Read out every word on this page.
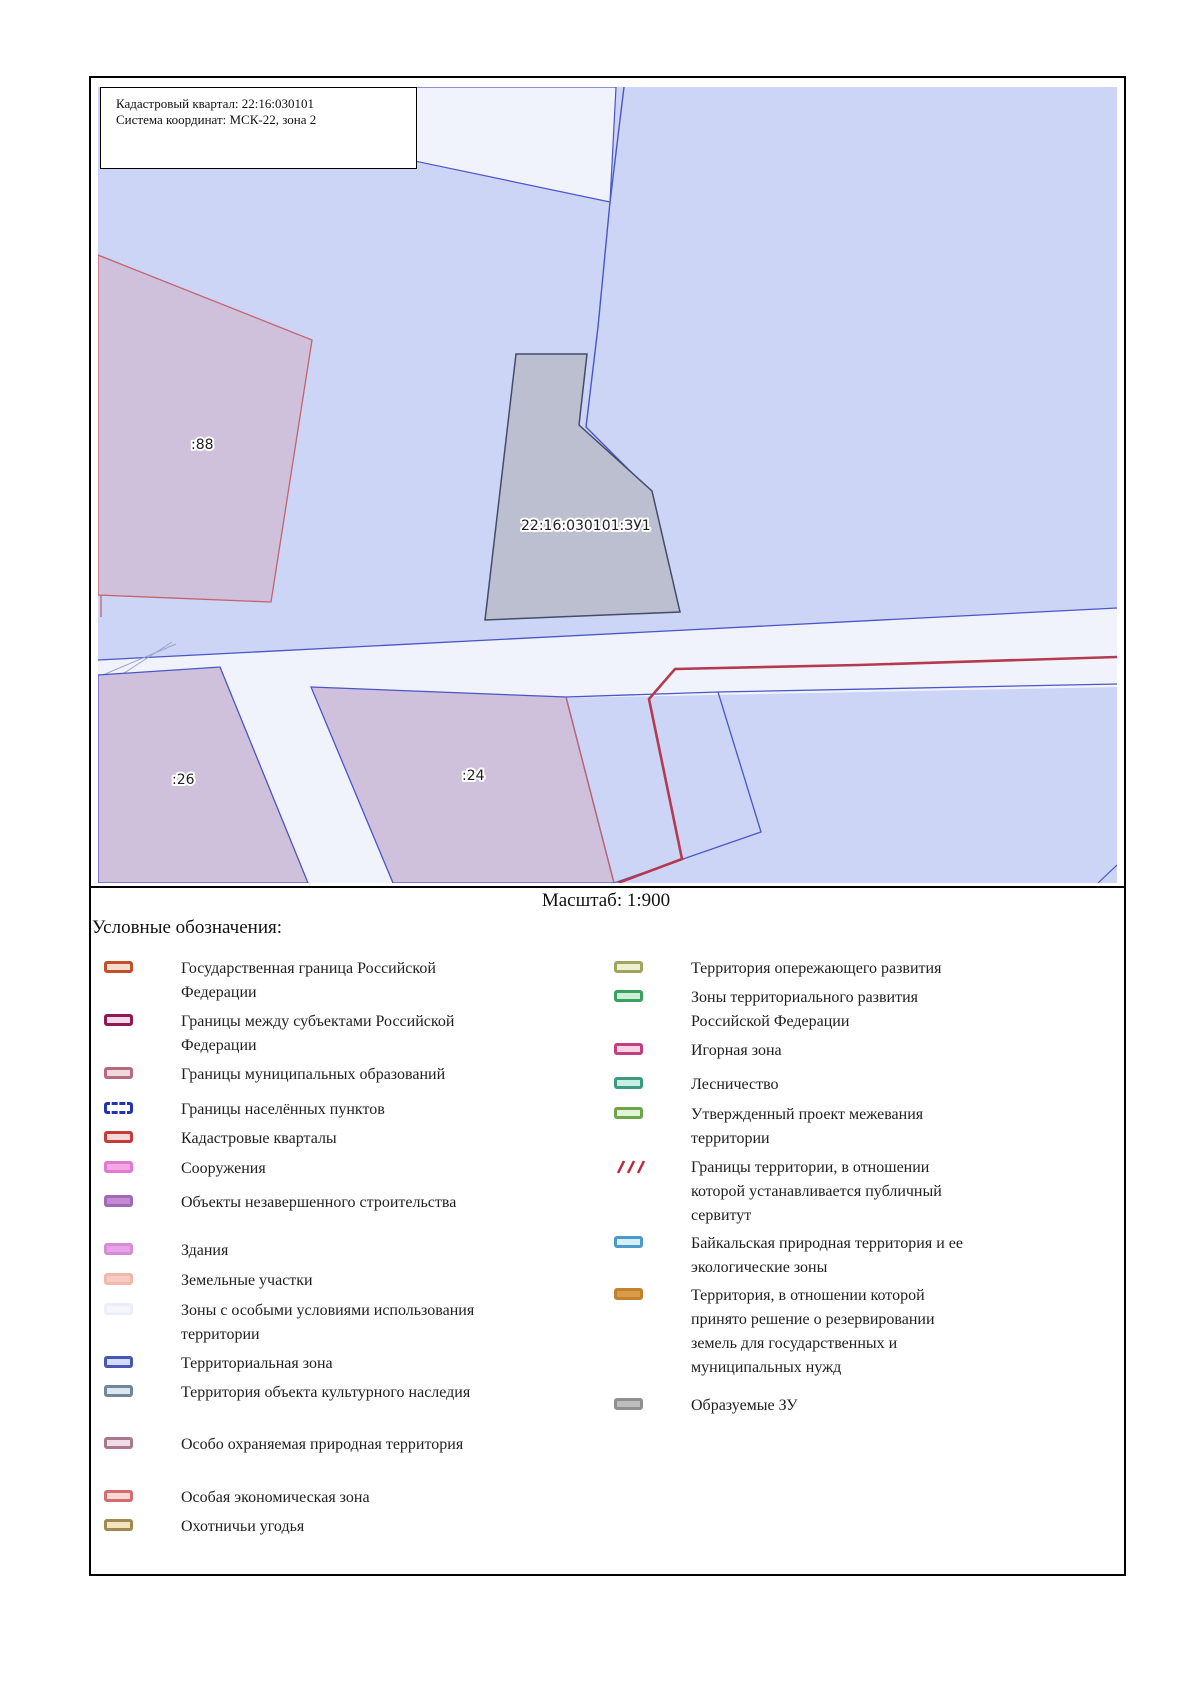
:88
:26	:24
22:16:030101:ЗУ1
Кадастровый квартал: 22:16:030101
Система координат: МСК-22, зона 2
Масштаб: 1:900
Условные обозначения:
Государственная граница Российской Федерации
Границы между субъектами Российской Федерации
Границы муниципальных образований
Границы населённых пунктов
Кадастровые кварталы
Сооружения
Объекты незавершенного строительства
Здания
Земельные участки
Зоны с особыми условиями использования территории
Территориальная зона
Территория объекта культурного наследия
Особо охраняемая природная территория
Особая экономическая зона
Охотничьи угодья
Территория опережающего развития
Зоны территориального развития Российской Федерации
Игорная зона
Лесничество
Утвержденный проект межевания территории
Границы территории, в отношении которой устанавливается публичный сервитут
Байкальская природная территория и ее экологические зоны
Территория, в отношении которой принято решение о резервировании земель для государственных и муниципальных нужд
Образуемые ЗУ
